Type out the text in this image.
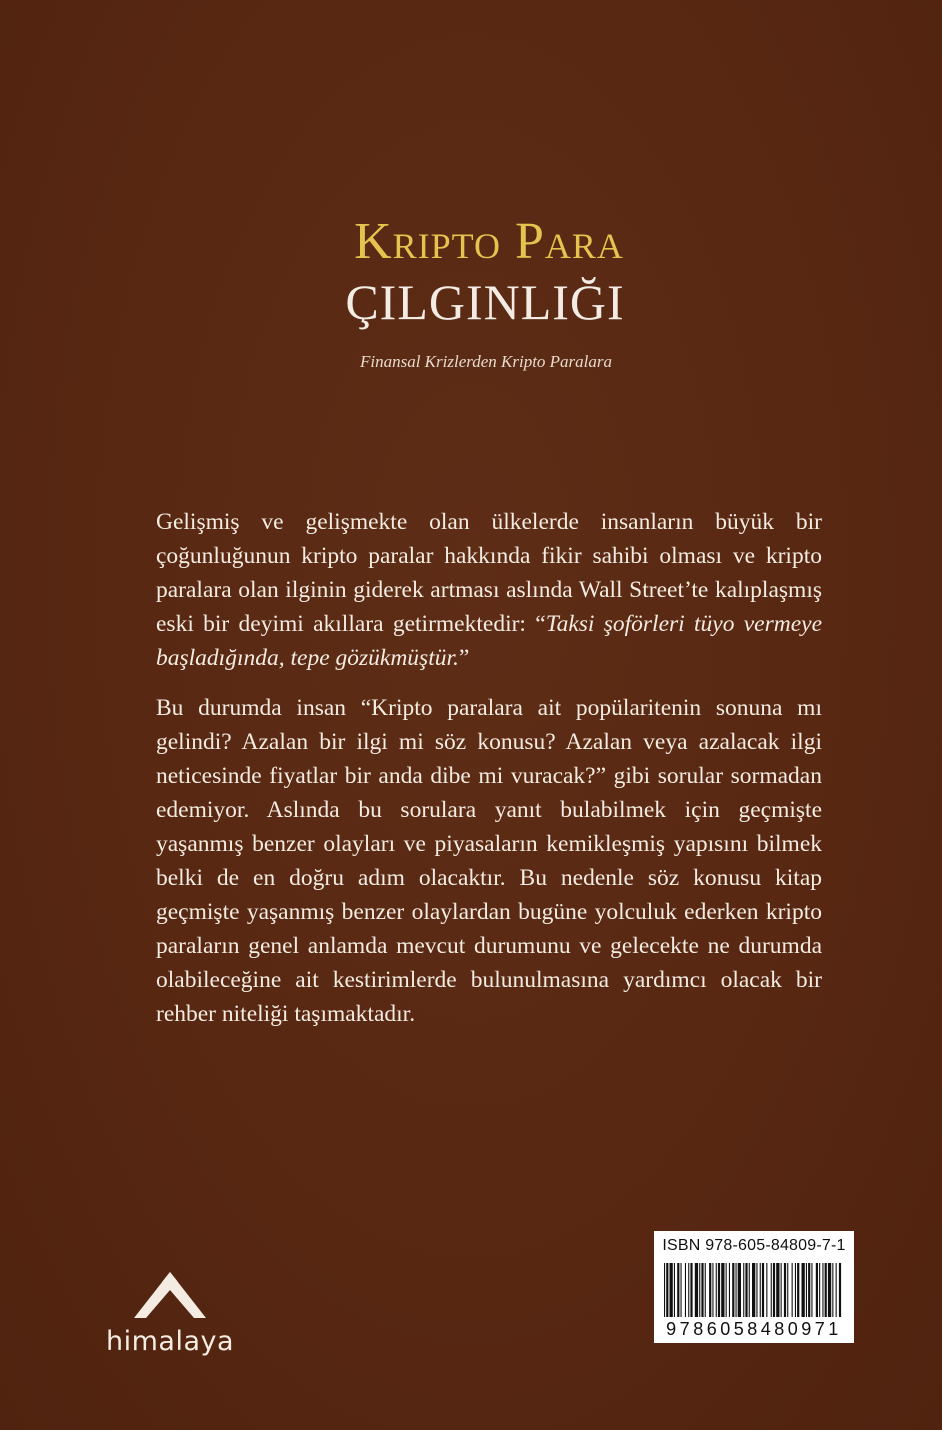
Kripto Para
ÇILGINLIĞI
Finansal Krizlerden Kripto Paralara

Gelişmiş ve gelişmekte olan ülkelerde insanların büyük bir çoğunluğunun kripto paralar hakkında fikir sahibi olması ve kripto paralara olan ilginin giderek artması aslında Wall Street’te kalıplaşmış eski bir deyimi akıllara getirmektedir: “Taksi şoförleri tüyo vermeye başladığında, tepe gözükmüştür.”

Bu durumda insan “Kripto paralara ait popülaritenin sonuna mı gelindi? Azalan bir ilgi mi söz konusu? Azalan veya azalacak ilgi neticesinde fiyatlar bir anda dibe mi vuracak?” gibi sorular sormadan edemiyor. Aslında bu sorulara yanıt bulabilmek için geçmişte yaşanmış benzer olayları ve piyasaların kemikleşmiş yapısını bilmek belki de en doğru adım olacaktır. Bu nedenle söz konusu kitap geçmişte yaşanmış benzer olaylardan bugüne yolculuk ederken kripto paraların genel anlamda mevcut durumunu ve gelecekte ne durumda olabileceğine ait kestirimlerde bulunulmasına yardımcı olacak bir rehber niteliği taşımaktadır.

himalaya
ISBN 978-605-84809-7-1
9786058480971
